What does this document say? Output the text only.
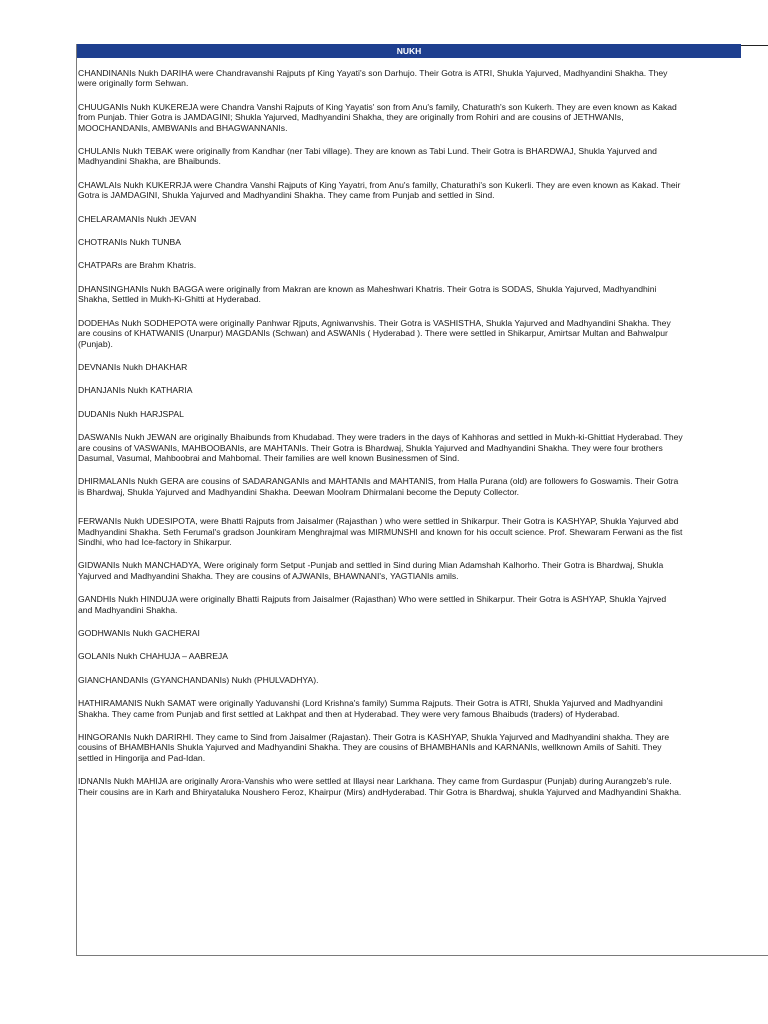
NUKH
CHANDINANIs Nukh DARIHA were Chandravanshi Rajputs pf King Yayati's son Darhujo. Their Gotra is ATRI, Shukla Yajurved, Madhyandini Shakha. They
were originally form Sehwan.
CHUUGANIs Nukh KUKEREJA were Chandra Vanshi Rajputs of King Yayatis' son from Anu's family, Chaturath's son Kukerh. They are even known as Kakad
from Punjab. Thier Gotra is JAMDAGINI; Shukla Yajurved, Madhyandini Shakha, they are originally from Rohiri and are cousins of JETHWANIs,
MOOCHANDANIs, AMBWANIs and BHAGWANNANIs.
CHULANIs Nukh TEBAK were originally from Kandhar (ner Tabi village). They are known as Tabi Lund. Their Gotra is BHARDWAJ, Shukla Yajurved and
Madhyandini Shakha, are Bhaibunds.
CHAWLAIs Nukh KUKERRJA were Chandra Vanshi Rajputs of King Yayatri, from Anu's familly, Chaturathi's son Kukerli. They are even known as Kakad. Their
Gotra is JAMDAGINI, Shukla Yajurved and Madhyandini Shakha. They came from Punjab and settled in Sind.
CHELARAMANIs Nukh JEVAN
CHOTRANIs Nukh TUNBA
CHATPARs are Brahm Khatris.
DHANSINGHANIs Nukh BAGGA were originally from Makran are known as Maheshwari Khatris. Their Gotra is SODAS, Shukla Yajurved, Madhyandhini
Shakha, Settled in Mukh-Ki-Ghitti at Hyderabad.
DODEHAs Nukh SODHEPOTA were originally Panhwar Rjputs, Agniwanvshis. Their Gotra is VASHISTHA, Shukla Yajurved and Madhyandini Shakha. They
are cousins of KHATWANIS (Unarpur) MAGDANIs (Schwan) and ASWANIs ( Hyderabad ). There were settled in Shikarpur, Amirtsar Multan and Bahwalpur
(Punjab).
DEVNANIs Nukh DHAKHAR
DHANJANIs Nukh KATHARIA
DUDANIs Nukh HARJSPAL
DASWANIs Nukh JEWAN are originally Bhaibunds from Khudabad. They were traders in the days of Kahhoras and settled in Mukh-ki-Ghittiat Hyderabad. They
are cousins of VASWANIs, MAHBOOBANIs, are MAHTANIs. Their Gotra is Bhardwaj, Shukla Yajurved and Madhyandini Shakha. They were four brothers
Dasumal, Vasumal, Mahboobrai and Mahbomal. Their families are well known Businessmen of Sind.
DHIRMALANIs Nukh GERA are cousins of SADARANGANIs and MAHTANIs and MAHTANIS, from Halla Purana (old) are followers fo Goswamis. Their Gotra
is Bhardwaj, Shukla Yajurved and Madhyandini Shakha. Deewan Moolram Dhirmalani become the Deputy Collector.
FERWANIs Nukh UDESIPOTA, were Bhatti Rajputs from Jaisalmer (Rajasthan ) who were settled in Shikarpur. Their Gotra is KASHYAP, Shukla Yajurved abd
Madhyandini Shakha. Seth Ferumal's gradson Jounkiram Menghrajmal was MIRMUNSHI and known for his occult science. Prof. Shewaram Ferwani as the fist
Sindhi, who had Ice-factory in Shikarpur.
GIDWANIs Nukh MANCHADYA, Were originaly form Setput -Punjab and settled in Sind during Mian Adamshah Kalhorho. Their Gotra is Bhardwaj, Shukla
Yajurved and Madhyandini Shakha. They are cousins of AJWANIs, BHAWNANI's, YAGTIANIs amils.
GANDHIs Nukh HINDUJA were originally Bhatti Rajputs from Jaisalmer (Rajasthan) Who were settled in Shikarpur. Their Gotra is ASHYAP, Shukla Yajrved
and Madhyandini Shakha.
GODHWANIs Nukh GACHERAI
GOLANIs Nukh CHAHUJA – AABREJA
GIANCHANDANIs (GYANCHANDANIs) Nukh (PHULVADHYA).
HATHIRAMANIS Nukh SAMAT were originally Yaduvanshi (Lord Krishna's family) Summa Rajputs. Their Gotra is ATRI, Shukla Yajurved and Madhyandini
Shakha. They came from Punjab and first settled at Lakhpat and then at Hyderabad. They were very famous Bhaibuds (traders) of Hyderabad.
HINGORANIs Nukh DARIRHI. They came to Sind from Jaisalmer (Rajastan). Their Gotra is KASHYAP, Shukla Yajurved and Madhyandini shakha. They are
cousins of BHAMBHANIs Shukla Yajurved and Madhyandini Shakha. They are cousins of BHAMBHANIs and KARNANIs, wellknown Amils of Sahiti. They
settled in Hingorija and Pad-Idan.
IDNANIs Nukh MAHIJA are originally Arora-Vanshis who were settled at Illaysi near Larkhana. They came from Gurdaspur (Punjab) during Aurangzeb's rule.
Their cousins are in Karh and Bhiryataluka Noushero Feroz, Khairpur (Mirs) andHyderabad. Thir Gotra is Bhardwaj, shukla Yajurved and Madhyandini Shakha.
